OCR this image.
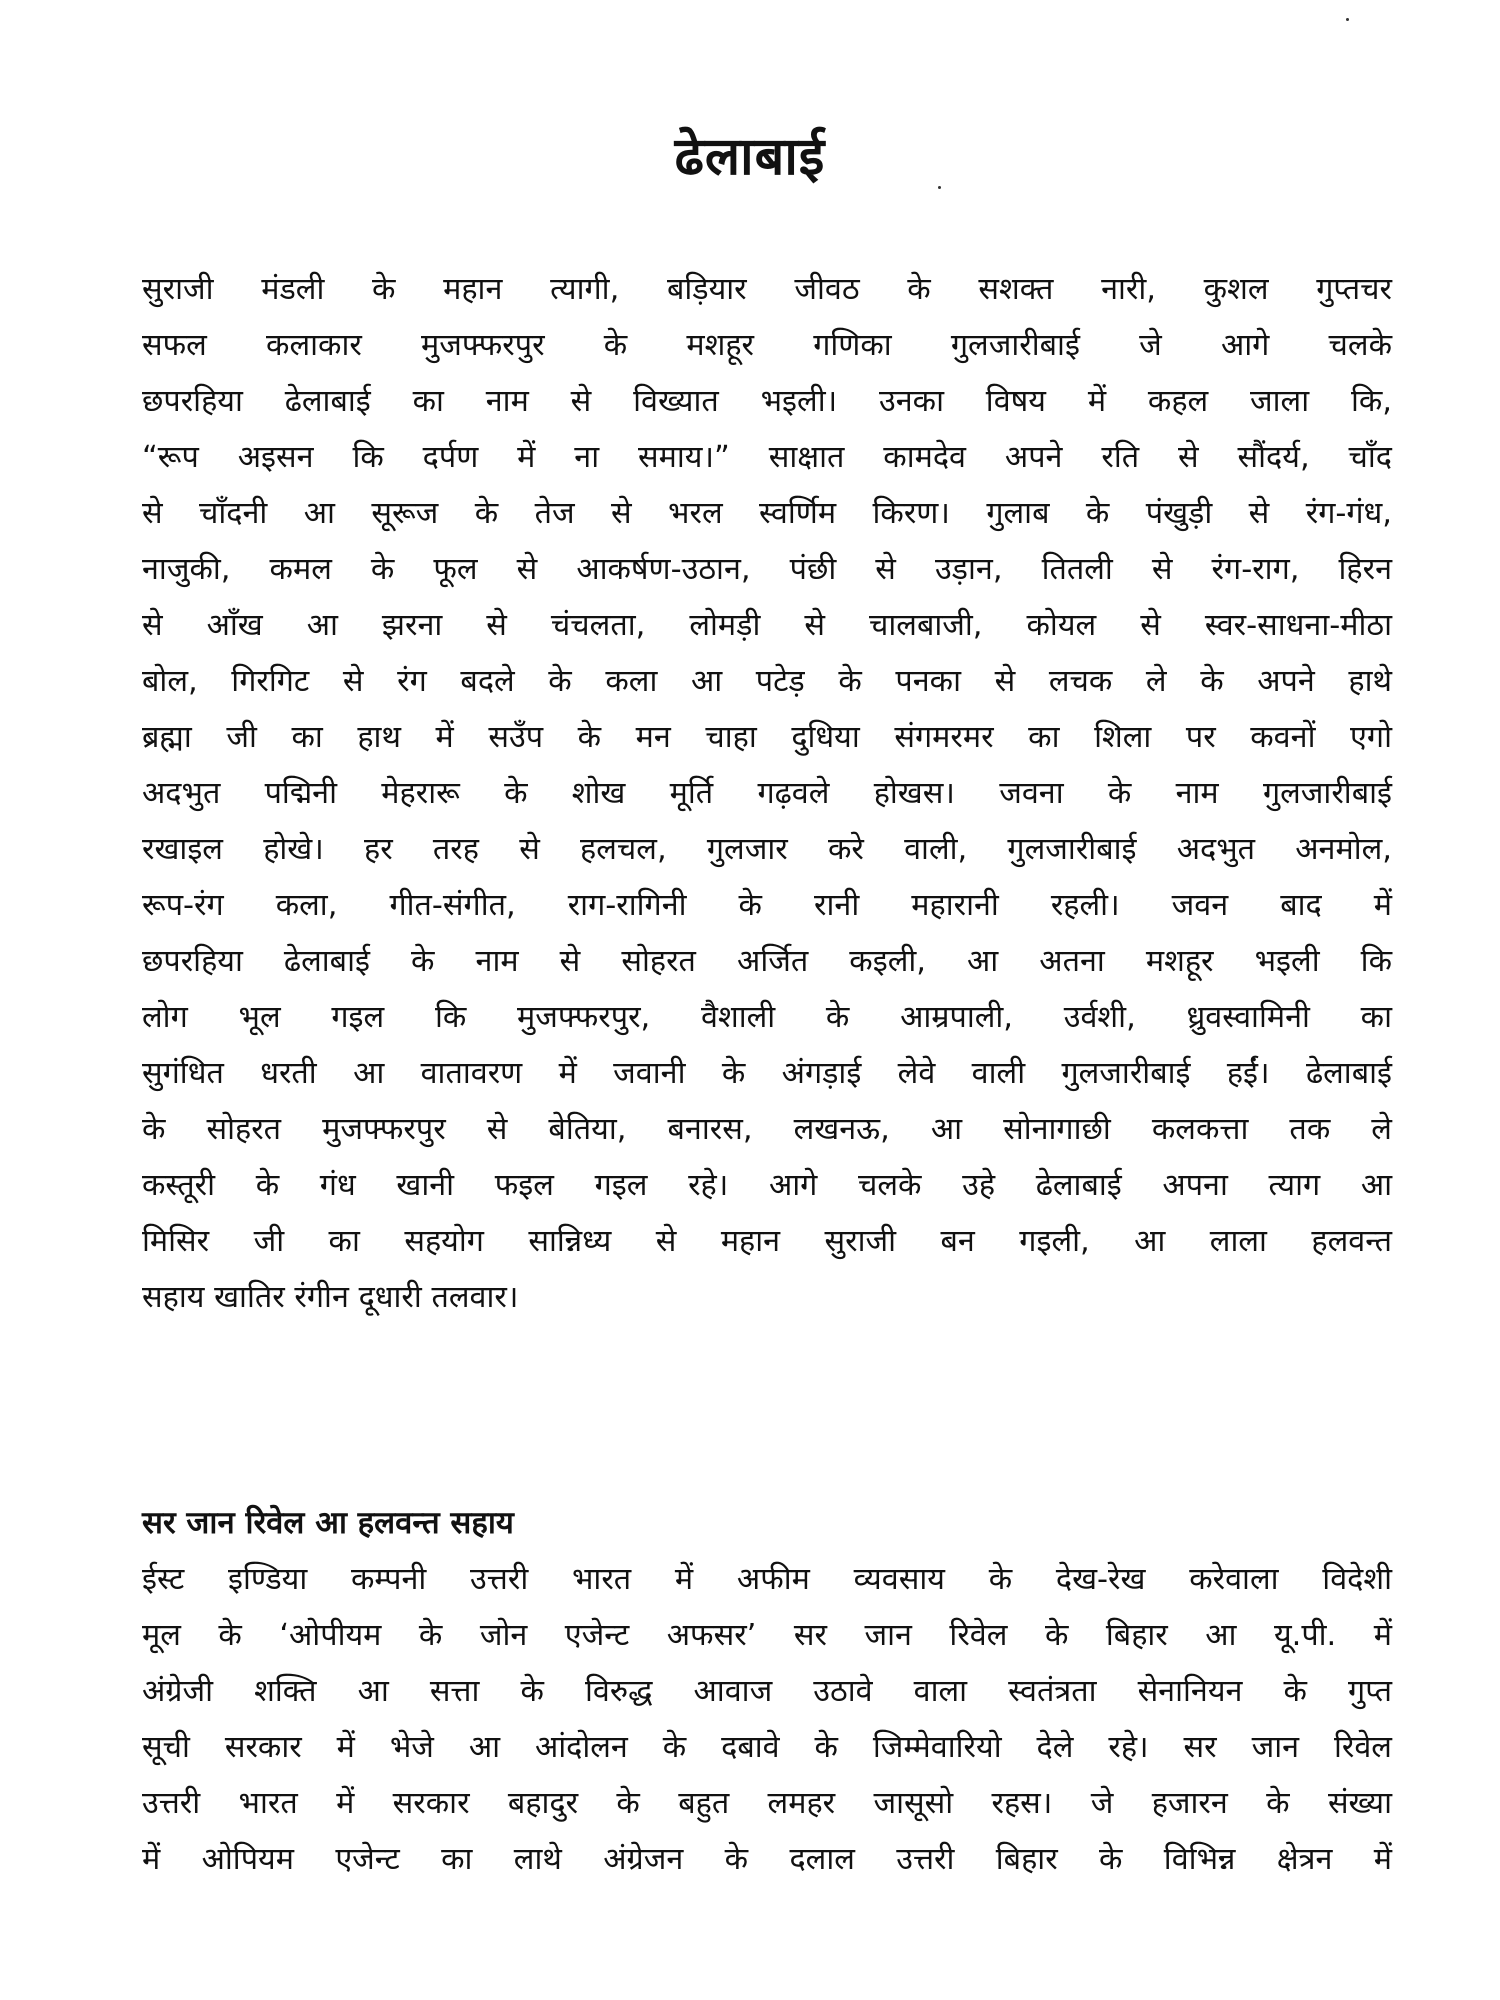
ढेलाबाई
सुराजी मंडली के महान त्यागी, बड़ियार जीवठ के सशक्त नारी, कुशल गुप्तचर
सफल कलाकार मुजफ्फरपुर के मशहूर गणिका गुलजारीबाई जे आगे चलके
छपरहिया ढेलाबाई का नाम से विख्यात भइली। उनका विषय में कहल जाला कि,
“रूप अइसन कि दर्पण में ना समाय।” साक्षात कामदेव अपने रति से सौंदर्य, चाँद
से चाँदनी आ सूरूज के तेज से भरल स्वर्णिम किरण। गुलाब के पंखुड़ी से रंग-गंध,
नाजुकी, कमल के फूल से आकर्षण-उठान, पंछी से उड़ान, तितली से रंग-राग, हिरन
से आँख आ झरना से चंचलता, लोमड़ी से चालबाजी, कोयल से स्वर-साधना-मीठा
बोल, गिरगिट से रंग बदले के कला आ पटेड़ के पनका से लचक ले के अपने हाथे
ब्रह्मा जी का हाथ में सउँप के मन चाहा दुधिया संगमरमर का शिला पर कवनों एगो
अदभुत पद्मिनी मेहरारू के शोख मूर्ति गढ़वले होखस। जवना के नाम गुलजारीबाई
रखाइल होखे। हर तरह से हलचल, गुलजार करे वाली, गुलजारीबाई अदभुत अनमोल,
रूप-रंग कला, गीत-संगीत, राग-रागिनी के रानी महारानी रहली। जवन बाद में
छपरहिया ढेलाबाई के नाम से सोहरत अर्जित कइली, आ अतना मशहूर भइली कि
लोग भूल गइल कि मुजफ्फरपुर, वैशाली के आम्रपाली, उर्वशी, ध्रुवस्वामिनी का
सुगंधित धरती आ वातावरण में जवानी के अंगड़ाई लेवे वाली गुलजारीबाई हईं। ढेलाबाई
के सोहरत मुजफ्फरपुर से बेतिया, बनारस, लखनऊ, आ सोनागाछी कलकत्ता तक ले
कस्तूरी के गंध खानी फइल गइल रहे। आगे चलके उहे ढेलाबाई अपना त्याग आ
मिसिर जी का सहयोग सान्निध्य से महान सुराजी बन गइली, आ लाला हलवन्त
सहाय खातिर रंगीन दूधारी तलवार।
सर जान रिवेल आ हलवन्त सहाय
ईस्ट इण्डिया कम्पनी उत्तरी भारत में अफीम व्यवसाय के देख-रेख करेवाला विदेशी
मूल के ‘ओपीयम के जोन एजेन्ट अफसर’ सर जान रिवेल के बिहार आ यू.पी. में
अंग्रेजी शक्ति आ सत्ता के विरुद्ध आवाज उठावे वाला स्वतंत्रता सेनानियन के गुप्त
सूची सरकार में भेजे आ आंदोलन के दबावे के जिम्मेवारियो देले रहे। सर जान रिवेल
उत्तरी भारत में सरकार बहादुर के बहुत लमहर जासूसो रहस। जे हजारन के संख्या
में ओपियम एजेन्ट का लाथे अंग्रेजन के दलाल उत्तरी बिहार के विभिन्न क्षेत्रन में
